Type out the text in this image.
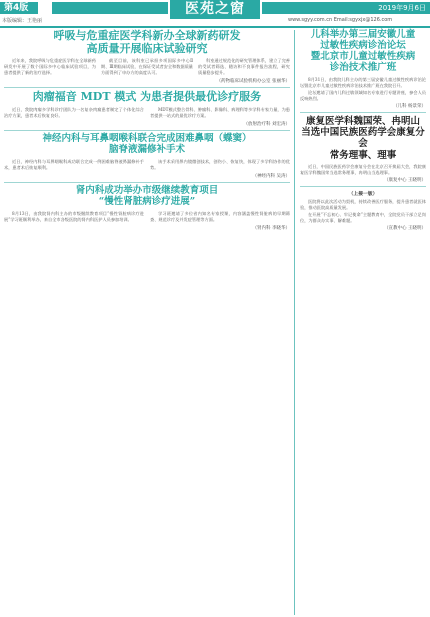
第4版	医苑之窗	2019年9月6日
本版编辑：王艳丽	www.sgyy.com.cn Email:sgyxjx@126.com
呼吸与危重症医学科新办全球新药研发
高质量开展临床试验研究

近年来，我院呼吸与危重症医学科在全球新药研发中开展了数个国际多中心临床试验项目，为患者提供了新的治疗选择。

截至目前，该科室已承担多项国际多中心Ⅱ期、Ⅲ期临床试验，在保证受试者安全和数据质量方面得到了申办方的高度认可。

科室通过规范化的研究管理体系，建立了完善的受试者筛选、随访和不良事件报告流程，研究质量稳步提升。

（药物临床试验机构办公室 张丽华）
肉瘤福音 MDT 模式 为患者提供最优诊疗服务

近日，我院肉瘤多学科诊疗团队为一名复杂肉瘤患者制定了个体化综合治疗方案，患者术后恢复良好。

MDT模式整合骨科、肿瘤科、影像科、病理科等多学科专家力量，为患者提供一站式的最优诊疗方案。

（放射治疗科 刘宏涛）
神经内科与耳鼻咽喉科联合完成困难鼻咽（蝶窦）
脑脊液漏修补手术

近日，神经内科与耳鼻咽喉科成功联合完成一例困难脑脊液鼻漏修补手术，患者术后恢复顺利。

该手术采用鼻内镜微创技术，创伤小、恢复快，体现了多学科协作的优势。

（神经内科 吴涛）
肾内科成功举办市级继续教育项目
“慢性肾脏病诊疗进展”

8月13日，由我院肾内科主办的市级继续教育项目“慢性肾脏病诊疗进展”学习班顺利举办，来自全市各级医院的肾内科医护人员参加培训。

学习班邀请了多位省内知名专家授课，内容涵盖慢性肾脏病的早期筛查、规范诊疗及并发症管理等方面。

（肾内科 李晓华）
儿科举办第三届安徽儿童
过敏性疾病诊治论坛
暨北京市儿童过敏性疾病
诊治技术推广班

8月31日，由我院儿科主办的第三届安徽儿童过敏性疾病诊治论坛暨北京市儿童过敏性疾病诊治技术推广班在我院召开。

论坛邀请了国内儿科过敏领域知名专家进行专题讲座，参会人员反响热烈。

（儿科 杨景荣）
康复医学科魏国荣、冉明山
当选中国民族医药学会康复分会
常务理事、理事

近日，中国民族医药学会康复分会在北京召开换届大会，我院康复医学科魏国荣当选常务理事，冉明山当选理事。

（康复中心 王晓明）
（上接一版）

医院将以此次活动为契机，持续改善医疗服务，提升患者就医体验，推动医院高质量发展。

在开展“不忘初心、牢记使命”主题教育中，全院党员干部立足岗位，为群众办实事、解难题。

（宣教中心 王晓明）
